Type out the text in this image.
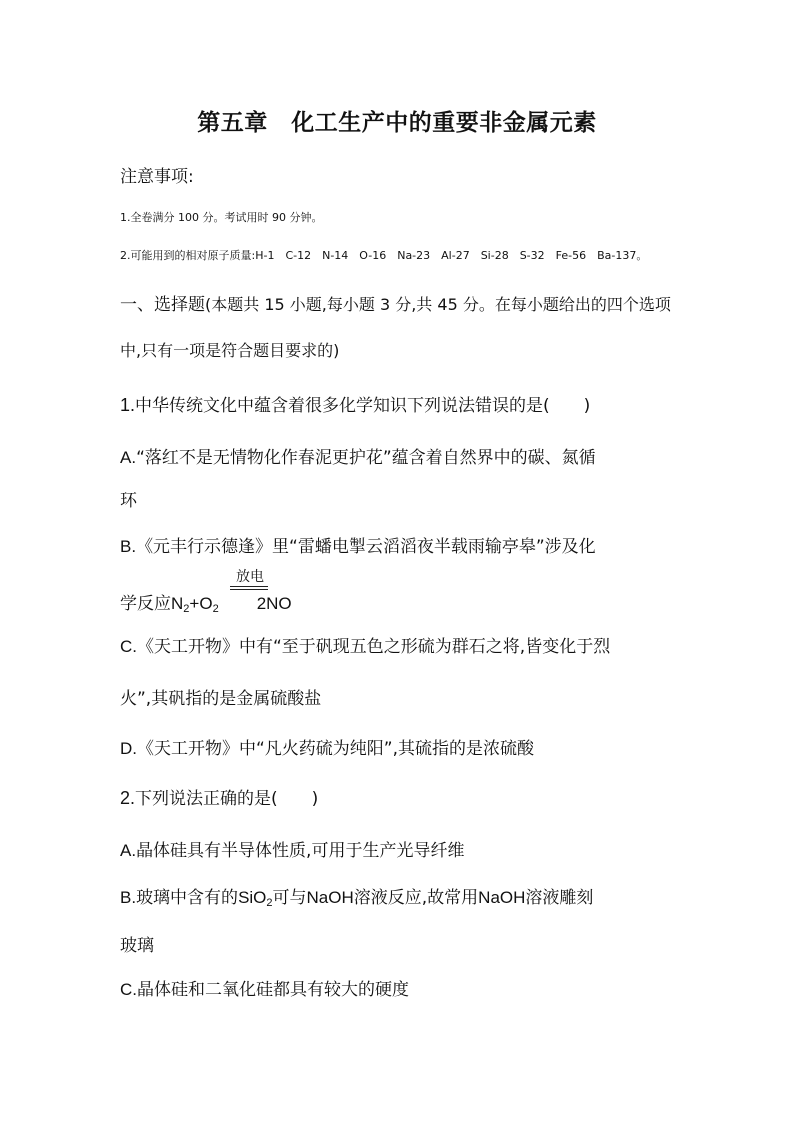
第五章　化工生产中的重要非金属元素
注意事项:
1.全卷满分 100 分。考试用时 90 分钟。
2.可能用到的相对原子质量:H-1　C-12　N-14　O-16　Na-23　Al-27　Si-28　S-32　Fe-56　Ba-137。
一、选择题(本题共 15 小题,每小题 3 分,共 45 分。在每小题给出的四个选项
中,只有一项是符合题目要求的)
1.中华传统文化中蕴含着很多化学知识下列说法错误的是(　　)
A.“落红不是无情物化作春泥更护花”蕴含着自然界中的碳、氮循
环
B.《元丰行示德逢》里“雷蟠电掣云滔滔夜半载雨输亭皋”涉及化
放电
学反应$N_2+O_2$ 2NO
C.《天工开物》中有“至于矾现五色之形硫为群石之将,皆变化于烈
火”,其矾指的是金属硫酸盐
D.《天工开物》中“凡火药硫为纯阳”,其硫指的是浓硫酸
2.下列说法正确的是(　　)
A.晶体硅具有半导体性质,可用于生产光导纤维
B.玻璃中含有的SiO$_2$可与NaOH溶液反应,故常用NaOH溶液雕刻
玻璃
C.晶体硅和二氧化硅都具有较大的硬度
